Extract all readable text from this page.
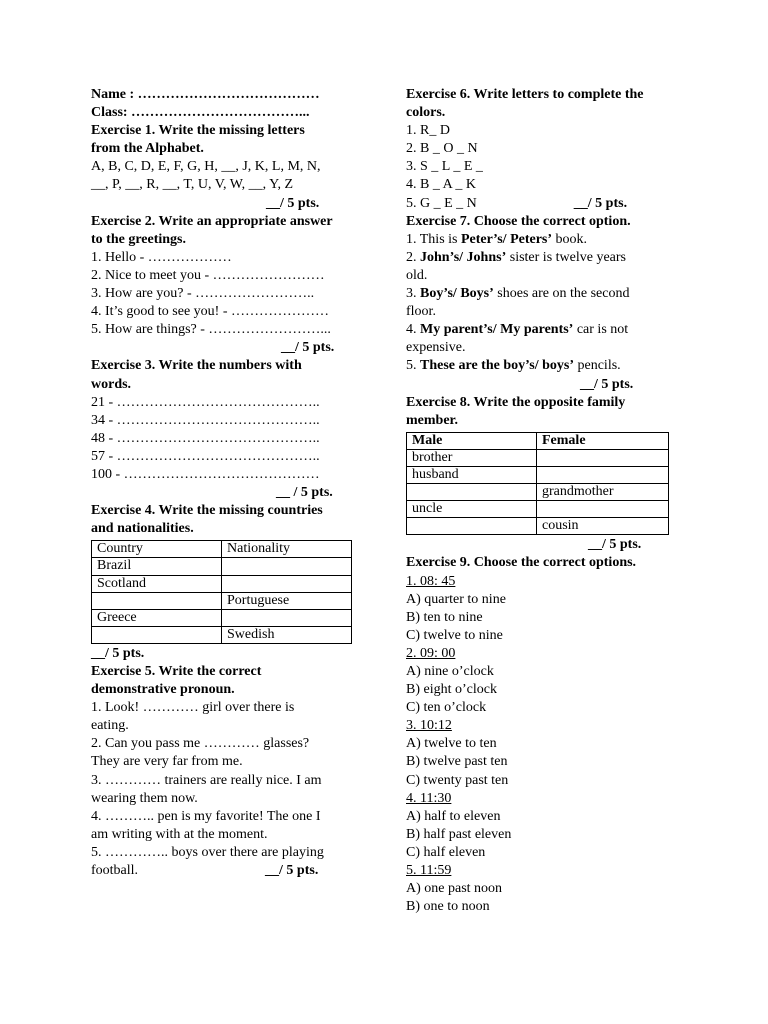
Name : …………………………………
Class: ………………………………...
Exercise 1. Write the missing letters
from the Alphabet.
A, B, C, D, E, F, G, H, __, J, K, L, M, N,
__, P, __, R, __, T, U, V, W, __, Y, Z
__/ 5 pts.
Exercise 2. Write an appropriate answer
to the greetings.
1. Hello - ………………
2. Nice to meet you - ……………………
3. How are you? - ……………………..
4. It’s good to see you! - …………………
5. How are things? - ……………………...
__/ 5 pts.
Exercise 3. Write the numbers with
words.
21 - ……………………………………..
34 - ……………………………………..
48 - ……………………………………..
57 - ……………………………………..
100 - ……………………………………
__ / 5 pts.
Exercise 4. Write the missing countries
and nationalities.
Country	Nationality
Brazil	
Scotland	
	Portuguese
Greece	
	Swedish
__/ 5 pts.
Exercise 5. Write the correct
demonstrative pronoun.
1. Look! ………… girl over there is
eating.
2. Can you pass me ………… glasses?
They are very far from me.
3. ………… trainers are really nice. I am
wearing them now.
4. ……….. pen is my favorite! The one I
am writing with at the moment.
5. ………….. boys over there are playing
football.	__/ 5 pts.
Exercise 6. Write letters to complete the
colors.
1. R_ D
2. B _ O _ N
3. S _ L _ E _
4. B _ A _ K
5. G _ E _ N	__/ 5 pts.
Exercise 7. Choose the correct option.
1. This is Peter’s/ Peters’ book.
2. John’s/ Johns’ sister is twelve years
old.
3. Boy’s/ Boys’ shoes are on the second
floor.
4. My parent’s/ My parents’ car is not
expensive.
5. These are the boy’s/ boys’ pencils.
__/ 5 pts.
Exercise 8. Write the opposite family
member.
Male	Female
brother	
husband	
	grandmother
uncle	
	cousin
__/ 5 pts.
Exercise 9. Choose the correct options.
1. 08: 45
A) quarter to nine
B) ten to nine
C) twelve to nine
2. 09: 00
A) nine o’clock
B) eight o’clock
C) ten o’clock
3. 10:12
A) twelve to ten
B) twelve past ten
C) twenty past ten
4. 11:30
A) half to eleven
B) half past eleven
C) half eleven
5. 11:59
A) one past noon
B) one to noon
